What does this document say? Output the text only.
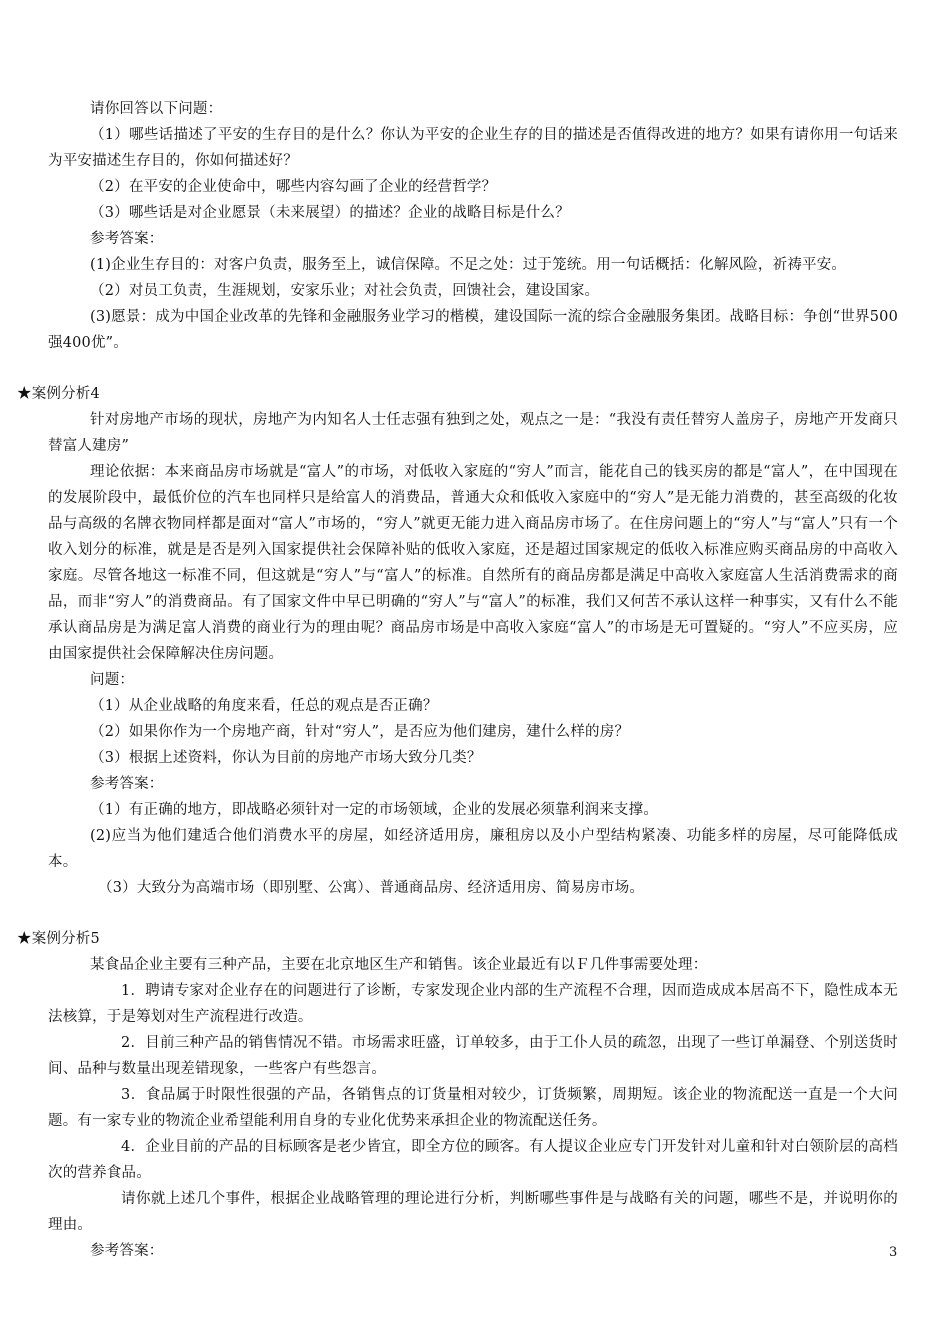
请你回答以下问题：

（1）哪些话描述了平安的生存目的是什么？你认为平安的企业生存的目的描述是否值得改进的地方？如果有请你用一句话来为平安描述生存目的，你如何描述好？

（2）在平安的企业使命中，哪些内容勾画了企业的经营哲学？

（3）哪些话是对企业愿景（未来展望）的描述？企业的战略目标是什么？

参考答案：

(1)企业生存目的：对客户负责，服务至上，诚信保障。不足之处：过于笼统。用一句话概括：化解风险，祈祷平安。

（2）对员工负责，生涯规划，安家乐业；对社会负责，回馈社会，建设国家。

(3)愿景：成为中国企业改革的先锋和金融服务业学习的楷模，建设国际一流的综合金融服务集团。战略目标：争创“世界500强400优”。

★案例分析4

针对房地产市场的现状，房地产为内知名人士任志强有独到之处，观点之一是：“我没有责任替穷人盖房子，房地产开发商只替富人建房”

理论依据：本来商品房市场就是“富人”的市场，对低收入家庭的“穷人”而言，能花自己的钱买房的都是“富人”，在中国现在的发展阶段中，最低价位的汽车也同样只是给富人的消费品，普通大众和低收入家庭中的“穷人”是无能力消费的，甚至高级的化妆品与高级的名牌衣物同样都是面对“富人”市场的，“穷人”就更无能力进入商品房市场了。在住房问题上的“穷人”与“富人”只有一个收入划分的标准，就是是否是列入国家提供社会保障补贴的低收入家庭，还是超过国家规定的低收入标准应购买商品房的中高收入家庭。尽管各地这一标准不同，但这就是“穷人”与“富人”的标准。自然所有的商品房都是满足中高收入家庭富人生活消费需求的商品，而非“穷人”的消费商品。有了国家文件中早已明确的“穷人”与“富人”的标准，我们又何苦不承认这样一种事实，又有什么不能承认商品房是为满足富人消费的商业行为的理由呢？商品房市场是中高收入家庭“富人”的市场是无可置疑的。“穷人”不应买房，应由国家提供社会保障解决住房问题。

问题：

（1）从企业战略的角度来看，任总的观点是否正确？

（2）如果你作为一个房地产商，针对“穷人”，是否应为他们建房，建什么样的房？

（3）根据上述资料，你认为目前的房地产市场大致分几类？

参考答案：

（1）有正确的地方，即战略必须针对一定的市场领域，企业的发展必须靠利润来支撑。

(2)应当为他们建适合他们消费水平的房屋，如经济适用房，廉租房以及小户型结构紧凑、功能多样的房屋，尽可能降低成本。

（3）大致分为高端市场（即别墅、公寓）、普通商品房、经济适用房、简易房市场。

★案例分析5

某食品企业主要有三种产品，主要在北京地区生产和销售。该企业最近有以Ｆ几件事需要处理：

1．聘请专家对企业存在的问题进行了诊断，专家发现企业内部的生产流程不合理，因而造成成本居高不下，隐性成本无法核算，于是筹划对生产流程进行改造。

2．目前三种产品的销售情况不错。市场需求旺盛，订单较多，由于工仆人员的疏忽，出现了一些订单漏登、个别送货时间、品种与数量出现差错现象，一些客户有些怨言。

3．食品属于时限性很强的产品，各销售点的订货量相对较少，订货频繁，周期短。该企业的物流配送一直是一个大问题。有一家专业的物流企业希望能利用自身的专业化优势来承担企业的物流配送任务。

4．企业目前的产品的目标顾客是老少皆宜，即全方位的顾客。有人提议企业应专门开发针对儿童和针对白领阶层的高档次的营养食品。

请你就上述几个事件，根据企业战略管理的理论进行分析，判断哪些事件是与战略有关的问题，哪些不是，并说明你的理由。

参考答案：	3
